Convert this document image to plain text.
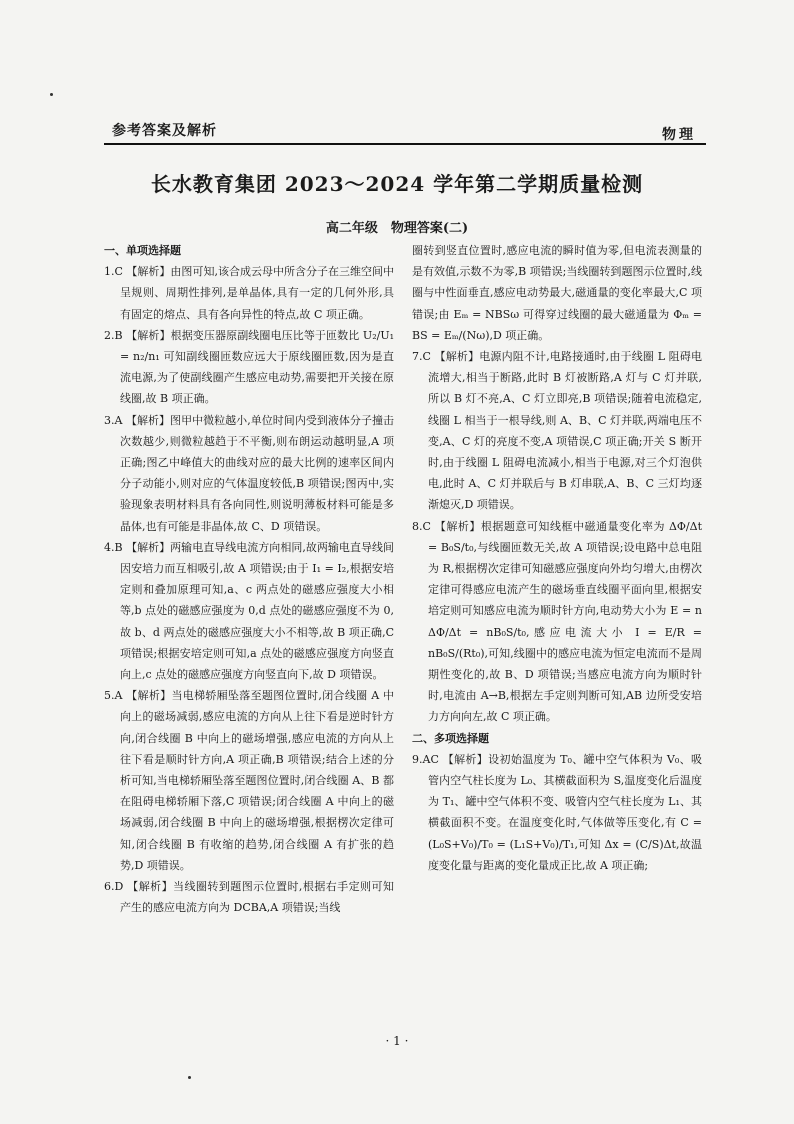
参考答案及解析	物理
长水教育集团 2023～2024 学年第二学期质量检测
高二年级　物理答案(二)

一、单项选择题

1.C 【解析】由图可知,该合成云母中所含分子在三维空间中呈规则、周期性排列,是单晶体,具有一定的几何外形,具有固定的熔点、具有各向异性的特点,故 C 项正确。

2.B 【解析】根据变压器原副线圈电压比等于匝数比 U₂/U₁ = n₂/n₁ 可知副线圈匝数应远大于原线圈匝数,因为是直流电源,为了使副线圈产生感应电动势,需要把开关接在原线圈,故 B 项正确。

3.A 【解析】图甲中微粒越小,单位时间内受到液体分子撞击次数越少,则微粒越趋于不平衡,则布朗运动越明显,A 项正确;图乙中峰值大的曲线对应的最大比例的速率区间内分子动能小,则对应的气体温度较低,B 项错误;图丙中,实验现象表明材料具有各向同性,则说明薄板材料可能是多晶体,也有可能是非晶体,故 C、D 项错误。

4.B 【解析】两输电直导线电流方向相同,故两输电直导线间因安培力而互相吸引,故 A 项错误;由于 I₁ = I₂,根据安培定则和叠加原理可知,a、c 两点处的磁感应强度大小相等,b 点处的磁感应强度为 0,d 点处的磁感应强度不为 0,故 b、d 两点处的磁感应强度大小不相等,故 B 项正确,C 项错误;根据安培定则可知,a 点处的磁感应强度方向竖直向上,c 点处的磁感应强度方向竖直向下,故 D 项错误。

5.A 【解析】当电梯轿厢坠落至题图位置时,闭合线圈 A 中向上的磁场减弱,感应电流的方向从上往下看是逆时针方向,闭合线圈 B 中向上的磁场增强,感应电流的方向从上往下看是顺时针方向,A 项正确,B 项错误;结合上述的分析可知,当电梯轿厢坠落至题图位置时,闭合线圈 A、B 都在阻碍电梯轿厢下落,C 项错误;闭合线圈 A 中向上的磁场减弱,闭合线圈 B 中向上的磁场增强,根据楞次定律可知,闭合线圈 B 有收缩的趋势,闭合线圈 A 有扩张的趋势,D 项错误。

6.D 【解析】当线圈转到题图示位置时,根据右手定则可知产生的感应电流方向为 DCBA,A 项错误;当线

圈转到竖直位置时,感应电流的瞬时值为零,但电流表测量的是有效值,示数不为零,B 项错误;当线圈转到题图示位置时,线圈与中性面垂直,感应电动势最大,磁通量的变化率最大,C 项错误;由 Eₘ = NBSω 可得穿过线圈的最大磁通量为 Φₘ = BS = Eₘ/(Nω),D 项正确。

7.C 【解析】电源内阻不计,电路接通时,由于线圈 L 阻碍电流增大,相当于断路,此时 B 灯被断路,A 灯与 C 灯并联,所以 B 灯不亮,A、C 灯立即亮,B 项错误;随着电流稳定,线圈 L 相当于一根导线,则 A、B、C 灯并联,两端电压不变,A、C 灯的亮度不变,A 项错误,C 项正确;开关 S 断开时,由于线圈 L 阻碍电流减小,相当于电源,对三个灯泡供电,此时 A、C 灯并联后与 B 灯串联,A、B、C 三灯均逐渐熄灭,D 项错误。

8.C 【解析】根据题意可知线框中磁通量变化率为 ΔΦ/Δt = B₀S/t₀,与线圈匝数无关,故 A 项错误;设电路中总电阻为 R,根据楞次定律可知磁感应强度向外均匀增大,由楞次定律可得感应电流产生的磁场垂直线圈平面向里,根据安培定则可知感应电流为顺时针方向,电动势大小为 E = n ΔΦ/Δt = nB₀S/t₀,感应电流大小 I = E/R = nB₀S/(Rt₀),可知,线圈中的感应电流为恒定电流而不是周期性变化的,故 B、D 项错误;当感应电流方向为顺时针时,电流由 A→B,根据左手定则判断可知,AB 边所受安培力方向向左,故 C 项正确。

二、多项选择题

9.AC 【解析】设初始温度为 T₀、罐中空气体积为 V₀、吸管内空气柱长度为 L₀、其横截面积为 S,温度变化后温度为 T₁、罐中空气体积不变、吸管内空气柱长度为 L₁、其横截面积不变。在温度变化时,气体做等压变化,有 C = (L₀S+V₀)/T₀ = (L₁S+V₀)/T₁,可知 Δx = (C/S)Δt,故温度变化量与距离的变化量成正比,故 A 项正确;

· 1 ·
